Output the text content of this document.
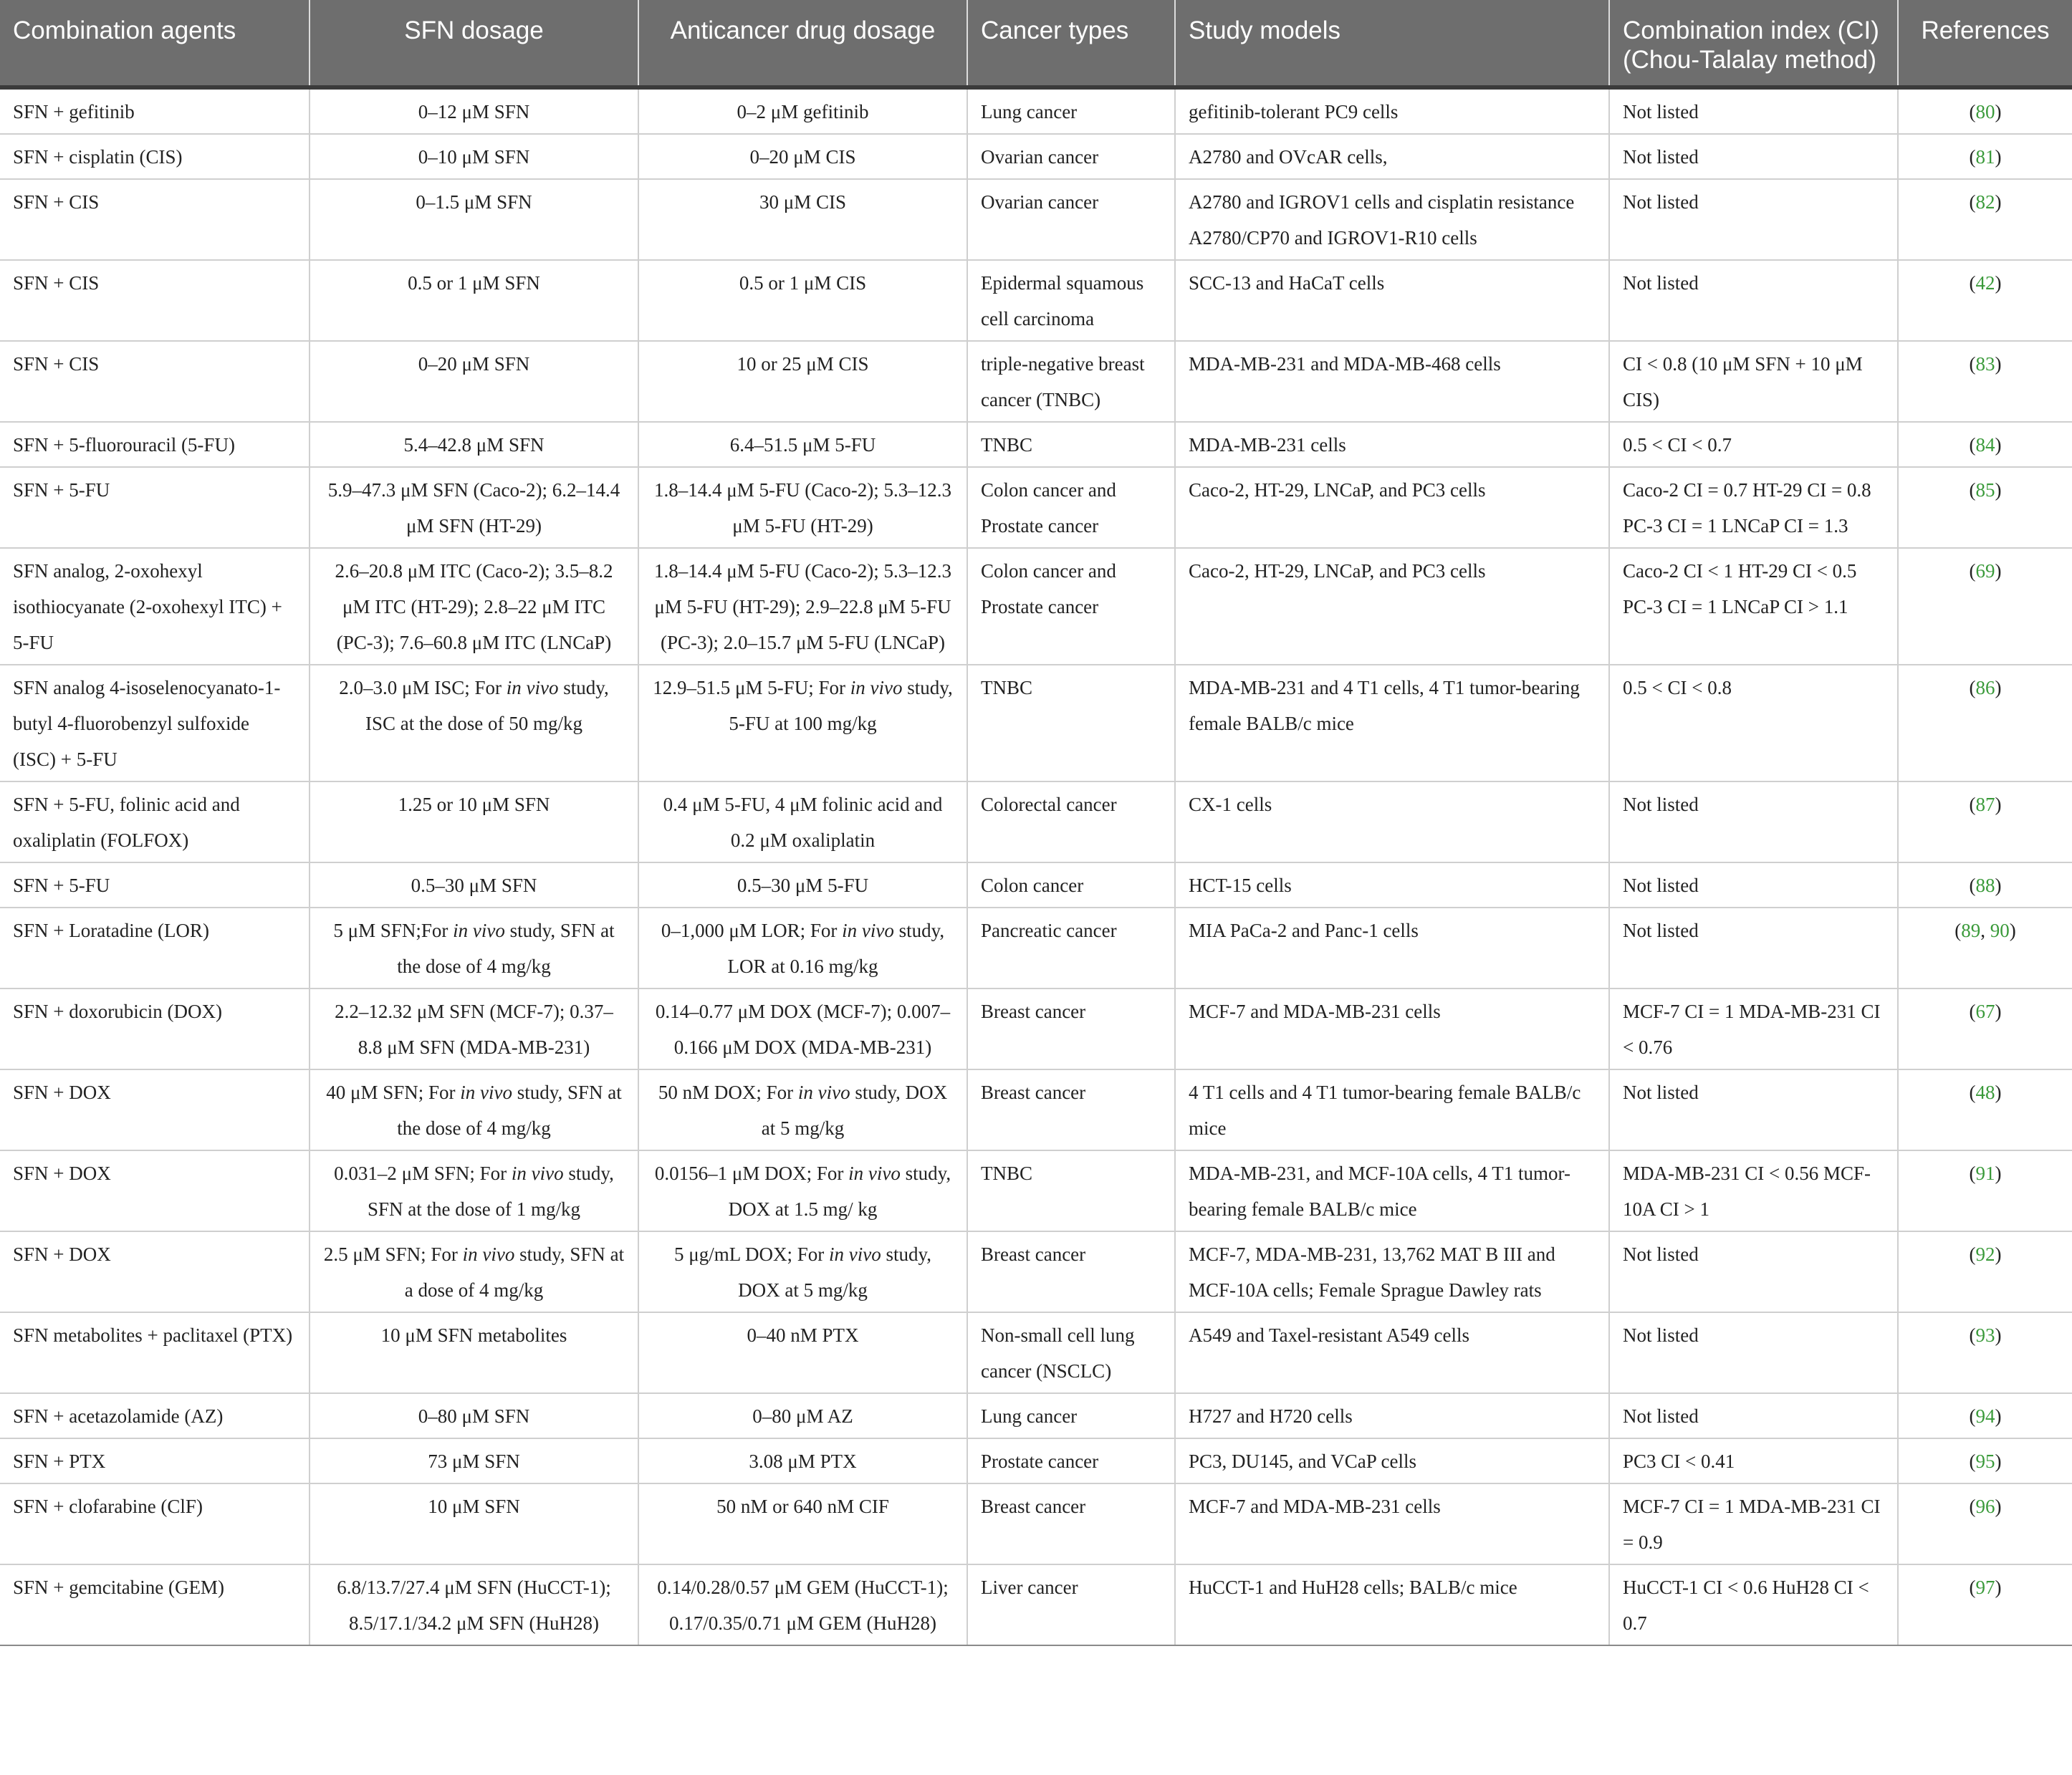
Combination agents	SFN dosage	Anticancer drug dosage	Cancer types	Study models	Combination index (CI) (Chou-Talalay method)	References
SFN + gefitinib	0–12 μM SFN	0–2 μM gefitinib	Lung cancer	gefitinib-tolerant PC9 cells	Not listed	(80)
SFN + cisplatin (CIS)	0–10 μM SFN	0–20 μM CIS	Ovarian cancer	A2780 and OVcAR cells,	Not listed	(81)
SFN + CIS	0–1.5 μM SFN	30 μM CIS	Ovarian cancer	A2780 and IGROV1 cells and cisplatin resistance A2780/CP70 and IGROV1-R10 cells	Not listed	(82)
SFN + CIS	0.5 or 1 μM SFN	0.5 or 1 μM CIS	Epidermal squamous cell carcinoma	SCC-13 and HaCaT cells	Not listed	(42)
SFN + CIS	0–20 μM SFN	10 or 25 μM CIS	triple-negative breast cancer (TNBC)	MDA-MB-231 and MDA-MB-468 cells	CI < 0.8 (10 μM SFN + 10 μM CIS)	(83)
SFN + 5-fluorouracil (5-FU)	5.4–42.8 μM SFN	6.4–51.5 μM 5-FU	TNBC	MDA-MB-231 cells	0.5 < CI < 0.7	(84)
SFN + 5-FU	5.9–47.3 μM SFN (Caco-2); 6.2–14.4 μM SFN (HT-29)	1.8–14.4 μM 5-FU (Caco-2); 5.3–12.3 μM 5-FU (HT-29)	Colon cancer and Prostate cancer	Caco-2, HT-29, LNCaP, and PC3 cells	Caco-2 CI = 0.7 HT-29 CI = 0.8 PC-3 CI = 1 LNCaP CI = 1.3	(85)
SFN analog, 2-oxohexyl isothiocyanate (2-oxohexyl ITC) + 5-FU	2.6–20.8 μM ITC (Caco-2); 3.5–8.2 μM ITC (HT-29); 2.8–22 μM ITC (PC-3); 7.6–60.8 μM ITC (LNCaP)	1.8–14.4 μM 5-FU (Caco-2); 5.3–12.3 μM 5-FU (HT-29); 2.9–22.8 μM 5-FU (PC-3); 2.0–15.7 μM 5-FU (LNCaP)	Colon cancer and Prostate cancer	Caco-2, HT-29, LNCaP, and PC3 cells	Caco-2 CI < 1 HT-29 CI < 0.5 PC-3 CI = 1 LNCaP CI > 1.1	(69)
SFN analog 4-isoselenocyanato-1-butyl 4-fluorobenzyl sulfoxide (ISC) + 5-FU	2.0–3.0 μM ISC; For in vivo study, ISC at the dose of 50 mg/kg	12.9–51.5 μM 5-FU; For in vivo study, 5-FU at 100 mg/kg	TNBC	MDA-MB-231 and 4 T1 cells, 4 T1 tumor-bearing female BALB/c mice	0.5 < CI < 0.8	(86)
SFN + 5-FU, folinic acid and oxaliplatin (FOLFOX)	1.25 or 10 μM SFN	0.4 μM 5-FU, 4 μM folinic acid and 0.2 μM oxaliplatin	Colorectal cancer	CX-1 cells	Not listed	(87)
SFN + 5-FU	0.5–30 μM SFN	0.5–30 μM 5-FU	Colon cancer	HCT-15 cells	Not listed	(88)
SFN + Loratadine (LOR)	5 μM SFN;For in vivo study, SFN at the dose of 4 mg/kg	0–1,000 μM LOR; For in vivo study, LOR at 0.16 mg/kg	Pancreatic cancer	MIA PaCa-2 and Panc-1 cells	Not listed	(89, 90)
SFN + doxorubicin (DOX)	2.2–12.32 μM SFN (MCF-7); 0.37–8.8 μM SFN (MDA-MB-231)	0.14–0.77 μM DOX (MCF-7); 0.007–0.166 μM DOX (MDA-MB-231)	Breast cancer	MCF-7 and MDA-MB-231 cells	MCF-7 CI = 1 MDA-MB-231 CI < 0.76	(67)
SFN + DOX	40 μM SFN; For in vivo study, SFN at the dose of 4 mg/kg	50 nM DOX; For in vivo study, DOX at 5 mg/kg	Breast cancer	4 T1 cells and 4 T1 tumor-bearing female BALB/c mice	Not listed	(48)
SFN + DOX	0.031–2 μM SFN; For in vivo study, SFN at the dose of 1 mg/kg	0.0156–1 μM DOX; For in vivo study, DOX at 1.5 mg/ kg	TNBC	MDA-MB-231, and MCF-10A cells, 4 T1 tumor-bearing female BALB/c mice	MDA-MB-231 CI < 0.56 MCF-10A CI > 1	(91)
SFN + DOX	2.5 μM SFN; For in vivo study, SFN at a dose of 4 mg/kg	5 μg/mL DOX; For in vivo study, DOX at 5 mg/kg	Breast cancer	MCF-7, MDA-MB-231, 13,762 MAT B III and MCF-10A cells; Female Sprague Dawley rats	Not listed	(92)
SFN metabolites + paclitaxel (PTX)	10 μM SFN metabolites	0–40 nM PTX	Non-small cell lung cancer (NSCLC)	A549 and Taxel-resistant A549 cells	Not listed	(93)
SFN + acetazolamide (AZ)	0–80 μM SFN	0–80 μM AZ	Lung cancer	H727 and H720 cells	Not listed	(94)
SFN + PTX	73 μM SFN	3.08 μM PTX	Prostate cancer	PC3, DU145, and VCaP cells	PC3 CI < 0.41	(95)
SFN + clofarabine (ClF)	10 μM SFN	50 nM or 640 nM CIF	Breast cancer	MCF-7 and MDA-MB-231 cells	MCF-7 CI = 1 MDA-MB-231 CI = 0.9	(96)
SFN + gemcitabine (GEM)	6.8/13.7/27.4 μM SFN (HuCCT-1); 8.5/17.1/34.2 μM SFN (HuH28)	0.14/0.28/0.57 μM GEM (HuCCT-1); 0.17/0.35/0.71 μM GEM (HuH28)	Liver cancer	HuCCT-1 and HuH28 cells; BALB/c mice	HuCCT-1 CI < 0.6 HuH28 CI < 0.7	(97)
